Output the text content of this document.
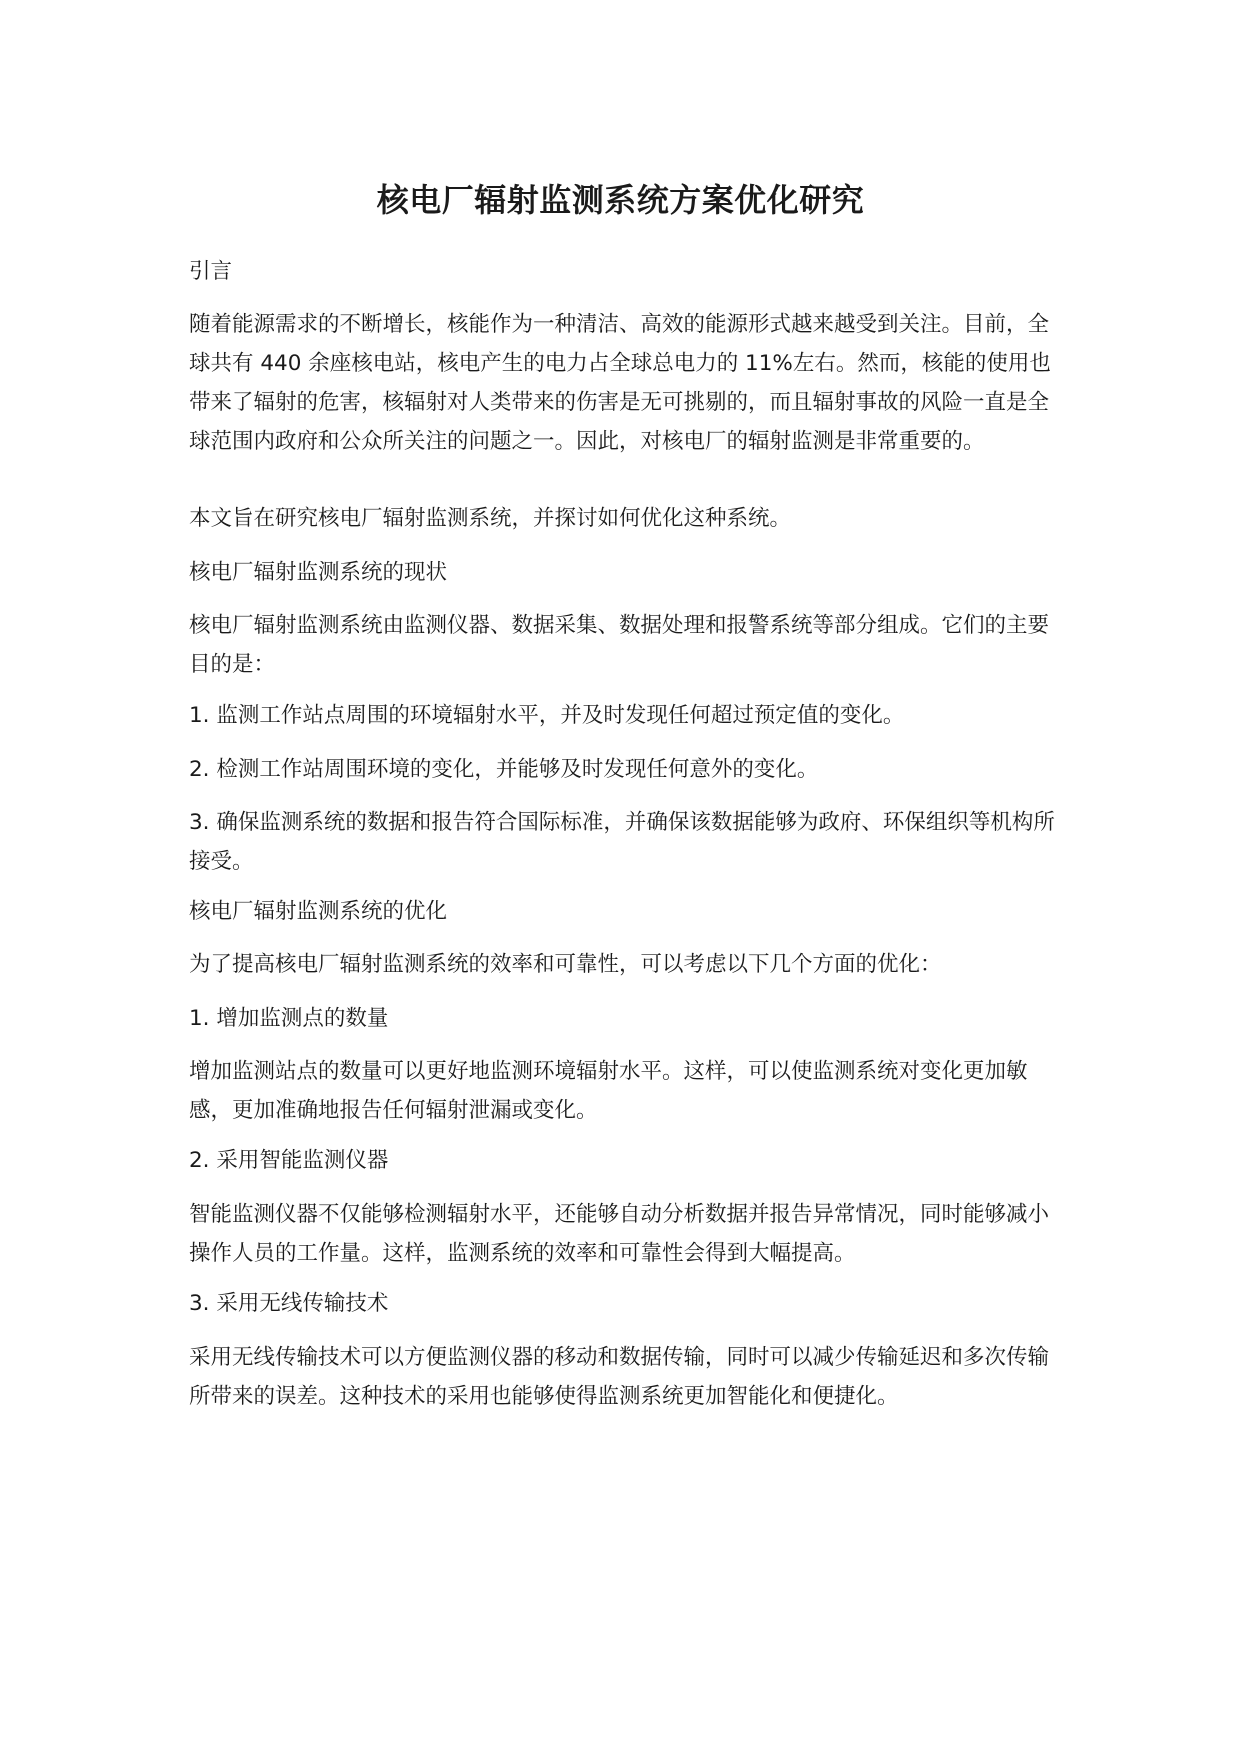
核电厂辐射监测系统方案优化研究

引言

随着能源需求的不断增长，核能作为一种清洁、高效的能源形式越来越受到关注。目前，全球共有 440 余座核电站，核电产生的电力占全球总电力的 11%左右。然而，核能的使用也带来了辐射的危害，核辐射对人类带来的伤害是无可挑剔的，而且辐射事故的风险一直是全球范围内政府和公众所关注的问题之一。因此，对核电厂的辐射监测是非常重要的。

本文旨在研究核电厂辐射监测系统，并探讨如何优化这种系统。

核电厂辐射监测系统的现状

核电厂辐射监测系统由监测仪器、数据采集、数据处理和报警系统等部分组成。它们的主要目的是：

1. 监测工作站点周围的环境辐射水平，并及时发现任何超过预定值的变化。

2. 检测工作站周围环境的变化，并能够及时发现任何意外的变化。

3. 确保监测系统的数据和报告符合国际标准，并确保该数据能够为政府、环保组织等机构所接受。

核电厂辐射监测系统的优化

为了提高核电厂辐射监测系统的效率和可靠性，可以考虑以下几个方面的优化：

1. 增加监测点的数量

增加监测站点的数量可以更好地监测环境辐射水平。这样，可以使监测系统对变化更加敏感，更加准确地报告任何辐射泄漏或变化。

2. 采用智能监测仪器

智能监测仪器不仅能够检测辐射水平，还能够自动分析数据并报告异常情况，同时能够减小操作人员的工作量。这样，监测系统的效率和可靠性会得到大幅提高。

3. 采用无线传输技术

采用无线传输技术可以方便监测仪器的移动和数据传输，同时可以减少传输延迟和多次传输所带来的误差。这种技术的采用也能够使得监测系统更加智能化和便捷化。
